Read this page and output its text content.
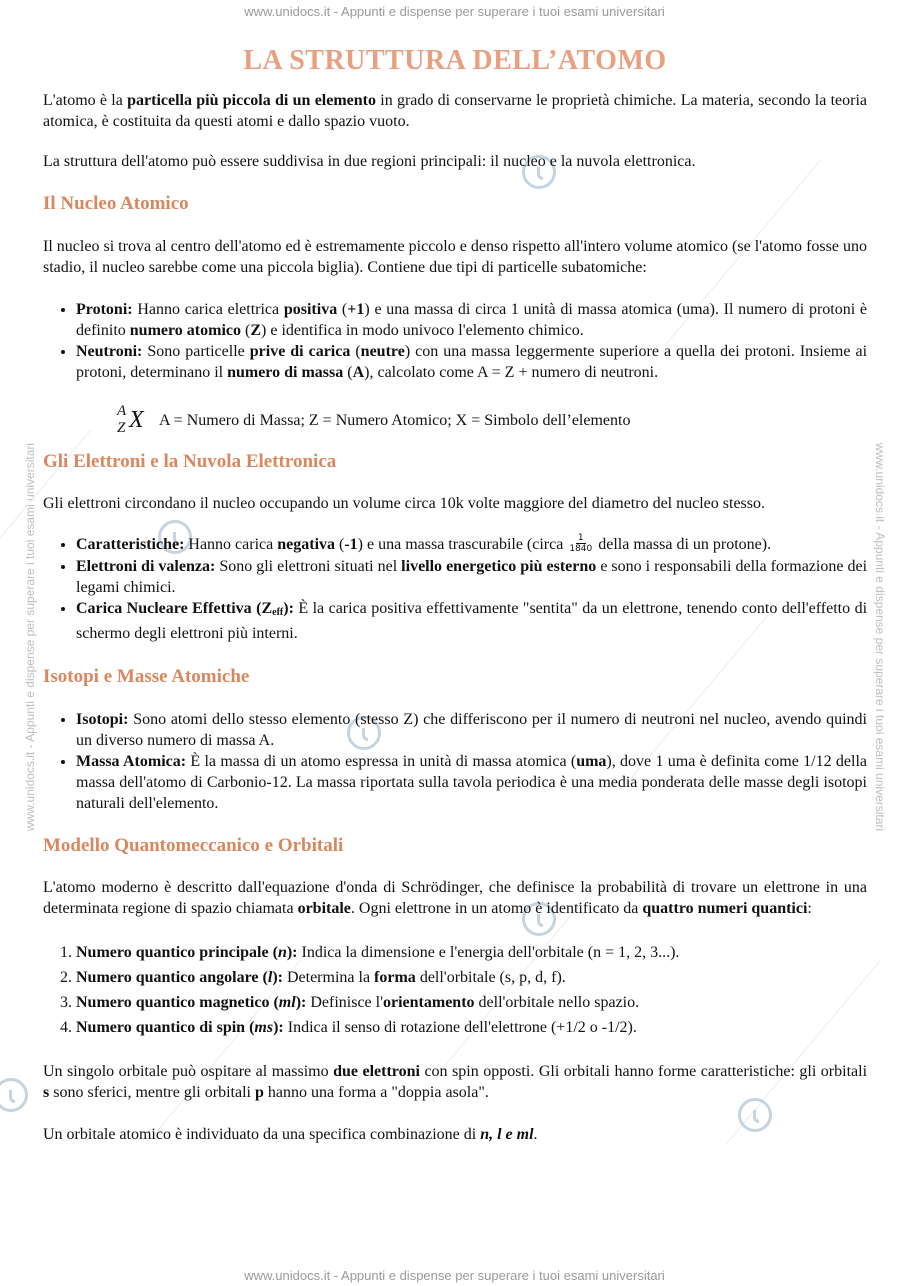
www.unidocs.it - Appunti e dispense per superare i tuoi esami universitari
www.unidocs.it - Appunti e dispense per superare i tuoi esami universitari
www.unidocs.it - Appunti e dispense per superare i tuoi esami universitari	www.unidocs.it - Appunti e dispense per superare i tuoi esami universitari
LA STRUTTURA DELL’ATOMO

L'atomo è la particella più piccola di un elemento in grado di conservarne le proprietà chimiche. La materia, secondo la teoria atomica, è costituita da questi atomi e dallo spazio vuoto.

La struttura dell'atomo può essere suddivisa in due regioni principali: il nucleo e la nuvola elettronica.

Il Nucleo Atomico

Il nucleo si trova al centro dell'atomo ed è estremamente piccolo e denso rispetto all'intero volume atomico (se l'atomo fosse uno stadio, il nucleo sarebbe come una piccola biglia). Contiene due tipi di particelle subatomiche:

• Protoni: Hanno carica elettrica positiva (+1) e una massa di circa 1 unità di massa atomica (uma). Il numero di protoni è definito numero atomico (Z) e identifica in modo univoco l'elemento chimico.
• Neutroni: Sono particelle prive di carica (neutre) con una massa leggermente superiore a quella dei protoni. Insieme ai protoni, determinano il numero di massa (A), calcolato come A = Z + numero di neutroni.
A
Z X A = Numero di Massa; Z = Numero Atomico; X = Simbolo dell’elemento
Gli Elettroni e la Nuvola Elettronica

Gli elettroni circondano il nucleo occupando un volume circa 10k volte maggiore del diametro del nucleo stesso.

• Caratteristiche: Hanno carica negativa (-1) e una massa trascurabile (circa $\frac{1}{1840}$ della massa di un protone).
• Elettroni di valenza: Sono gli elettroni situati nel livello energetico più esterno e sono i responsabili della formazione dei legami chimici.
• Carica Nucleare Effettiva $(Z_{eff})$: È la carica positiva effettivamente "sentita" da un elettrone, tenendo conto dell'effetto di schermo degli elettroni più interni.
Isotopi e Masse Atomiche
• Isotopi: Sono atomi dello stesso elemento (stesso Z) che differiscono per il numero di neutroni nel nucleo, avendo quindi un diverso numero di massa A.
• Massa Atomica: È la massa di un atomo espressa in unità di massa atomica (uma), dove 1 uma è definita come 1/12 della massa dell'atomo di Carbonio-12. La massa riportata sulla tavola periodica è una media ponderata delle masse degli isotopi naturali dell'elemento.
Modello Quantomeccanico e Orbitali

L'atomo moderno è descritto dall'equazione d'onda di Schrödinger, che definisce la probabilità di trovare un elettrone in una determinata regione di spazio chiamata orbitale. Ogni elettrone in un atomo è identificato da quattro numeri quantici:

1. Numero quantico principale (n): Indica la dimensione e l'energia dell'orbitale (n = 1, 2, 3...).
2. Numero quantico angolare (l): Determina la forma dell'orbitale (s, p, d, f).
3. Numero quantico magnetico (ml): Definisce l'orientamento dell'orbitale nello spazio.
4. Numero quantico di spin (ms): Indica il senso di rotazione dell'elettrone (+1/2 o -1/2).

Un singolo orbitale può ospitare al massimo due elettroni con spin opposti. Gli orbitali hanno forme caratteristiche: gli orbitali s sono sferici, mentre gli orbitali p hanno una forma a "doppia asola".

Un orbitale atomico è individuato da una specifica combinazione di n, l e ml.
